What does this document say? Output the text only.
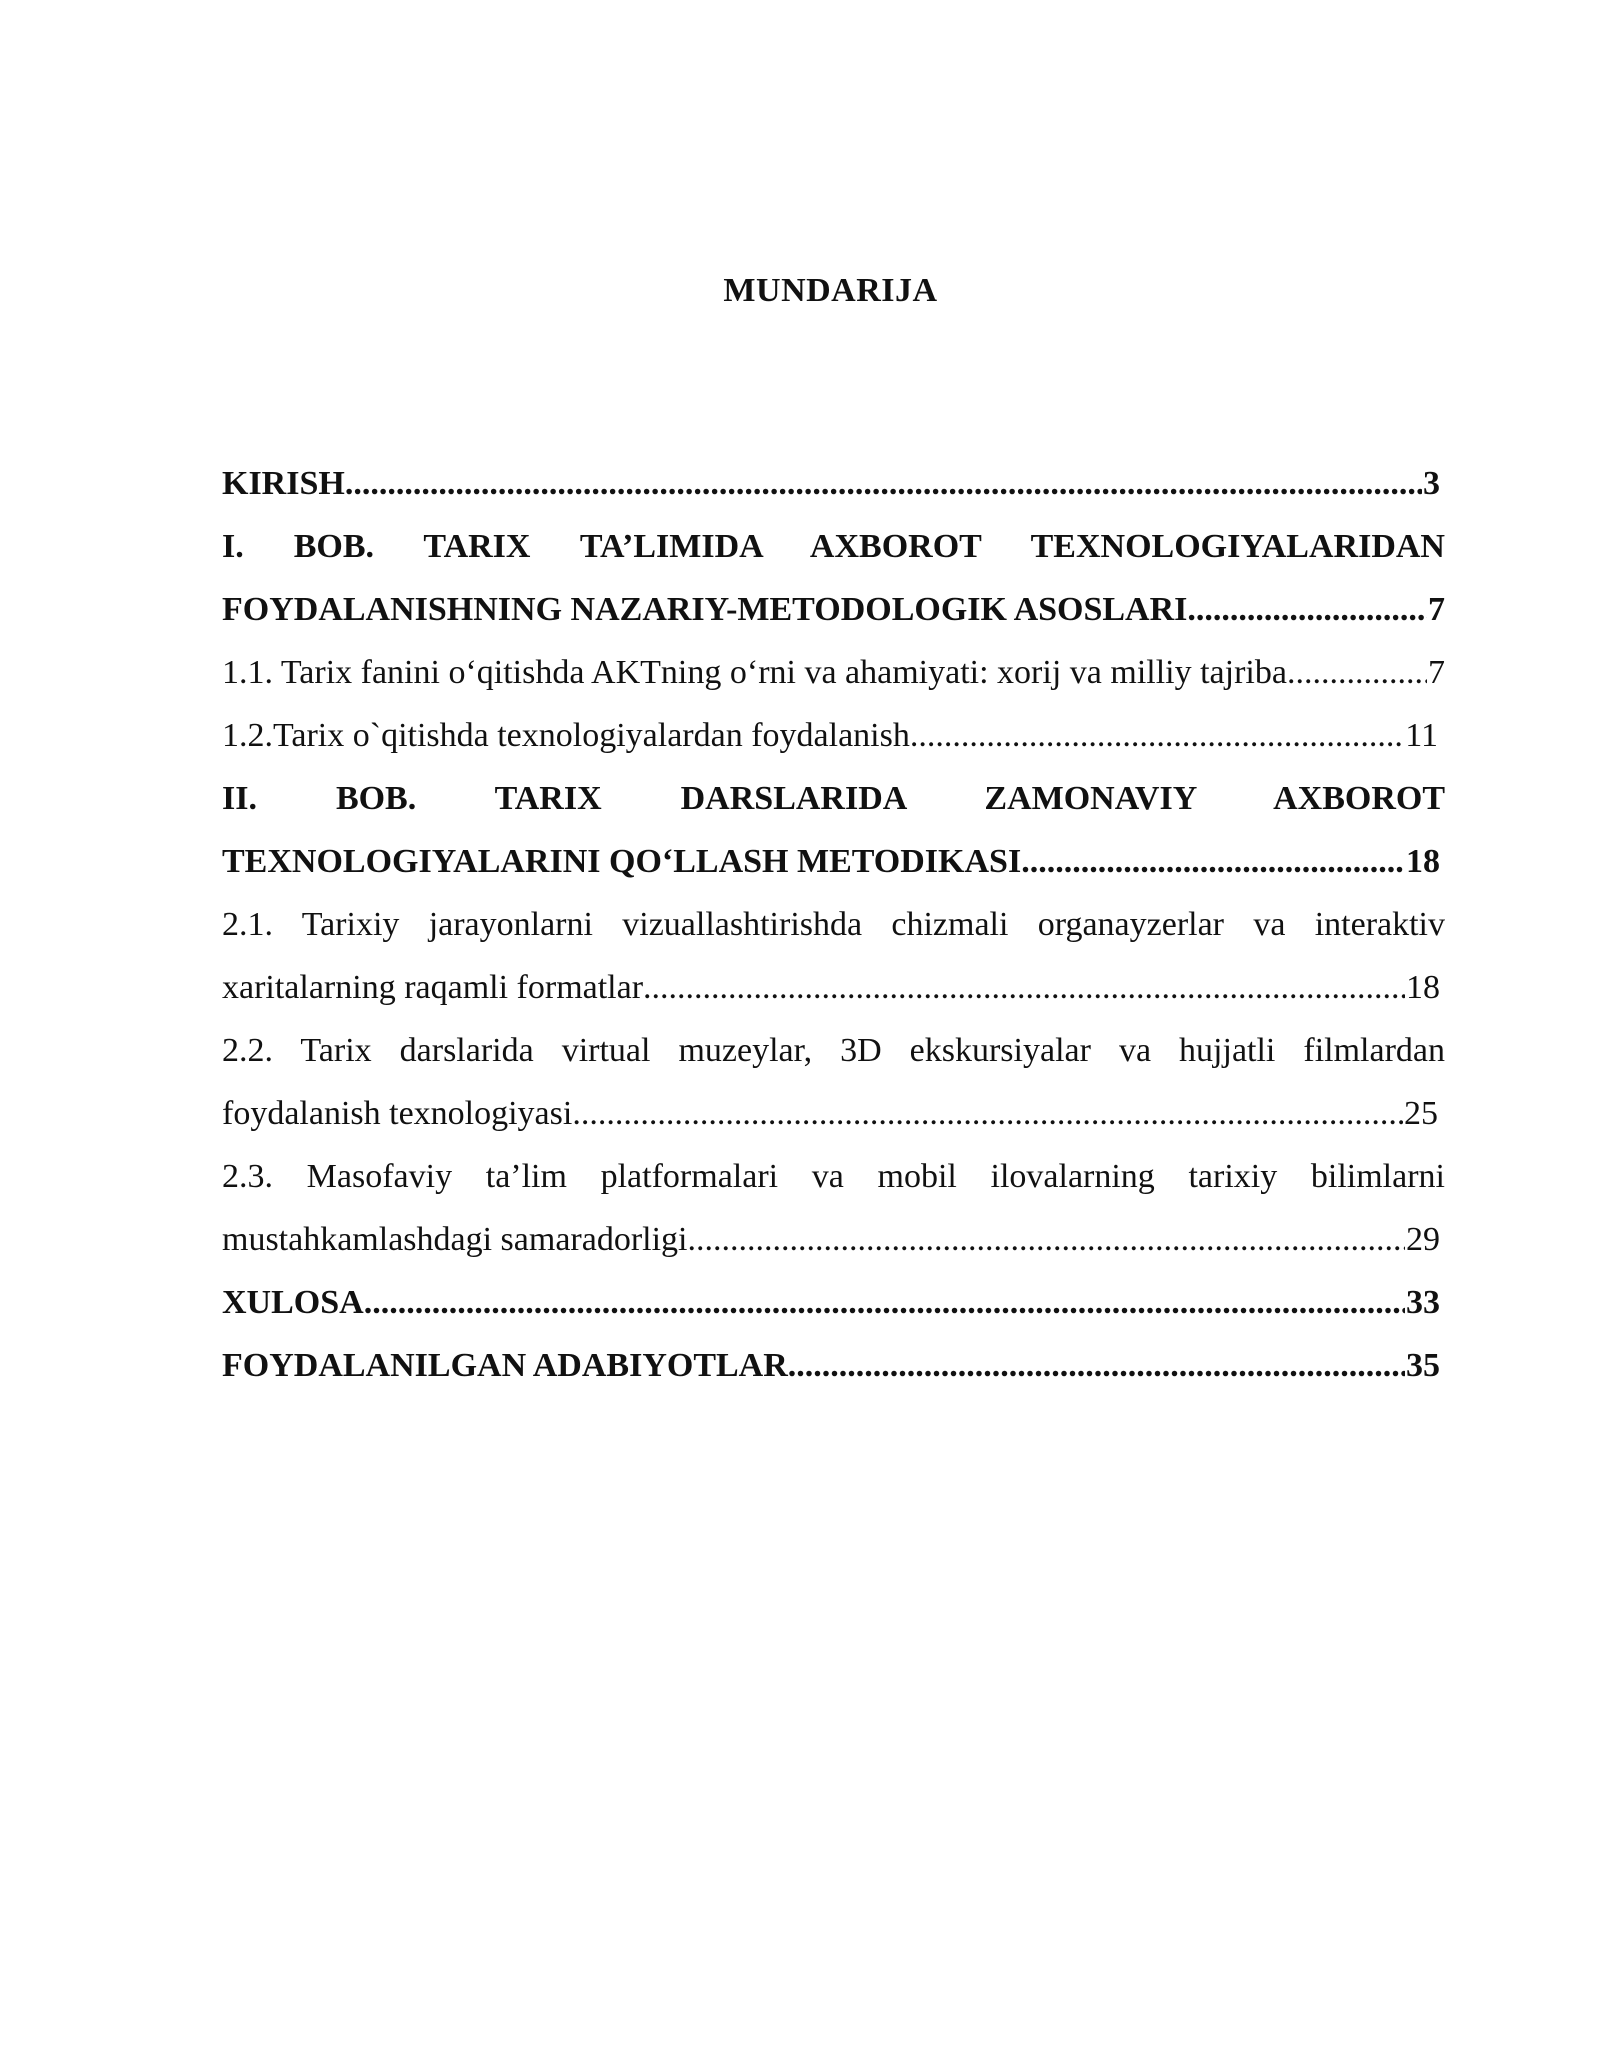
MUNDARIJA
KIRISH .....	3
I. BOB. TARIX TA’LIMIDA AXBOROT TEXNOLOGIYALARIDAN
FOYDALANISHNING NAZARIY-METODOLOGIK ASOSLARI .....	7
1.1. Tarix fanini o‘qitishda AKTning o‘rni va ahamiyati: xorij va milliy tajriba .....	7
1.2.Tarix o`qitishda texnologiyalardan foydalanish .....	11
II. BOB. TARIX DARSLARIDA ZAMONAVIY AXBOROT
TEXNOLOGIYALARINI QO‘LLASH METODIKASI .....	18
2.1. Tarixiy jarayonlarni vizuallashtirishda chizmali organayzerlar va interaktiv
xaritalarning raqamli formatlar .....	18
2.2. Tarix darslarida virtual muzeylar, 3D ekskursiyalar va hujjatli filmlardan
foydalanish texnologiyasi .....	25
2.3. Masofaviy ta’lim platformalari va mobil ilovalarning tarixiy bilimlarni
mustahkamlashdagi samaradorligi .....	29
XULOSA .....	33
FOYDALANILGAN ADABIYOTLAR .....	35
